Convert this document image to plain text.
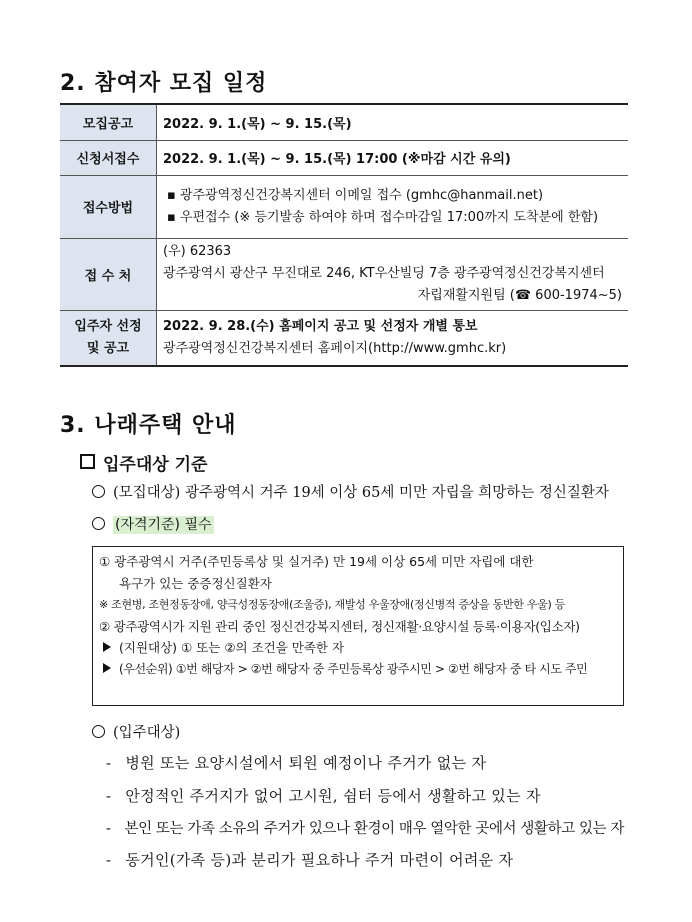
2. 참여자 모집 일정
모집공고	2022. 9. 1.(목) ~ 9. 15.(목)
신청서접수	2022. 9. 1.(목) ~ 9. 15.(목) 17:00 (※마감 시간 유의)
접수방법	▪ 광주광역정신건강복지센터 이메일 접수 (gmhc@hanmail.net)
▪ 우편접수 (※ 등기발송 하여야 하며 접수마감일 17:00까지 도착분에 한함)

접 수 처	(우) 62363
광주광역시 광산구 무진대로 246, KT우산빌딩 7층 광주광역정신건강복지센터
자립재활지원팀 (☎ 600-1974~5)

입주자 선정
및 공고	2022. 9. 28.(수) 홈페이지 공고 및 선정자 개별 통보
광주광역정신건강복지센터 홈페이지(http://www.gmhc.kr)
3. 나래주택 안내
입주대상 기준
(모집대상) 광주광역시 거주 19세 이상 65세 미만 자립을 희망하는 정신질환자
(자격기준) 필수
① 광주광역시 거주(주민등록상 및 실거주) 만 19세 이상 65세 미만 자립에 대한
욕구가 있는 중증정신질환자
※ 조현병, 조현정동장애, 양극성정동장애(조울증), 재발성 우울장애(정신병적 증상을 동반한 우울) 등
② 광주광역시가 지원 관리 중인 정신건강복지센터, 정신재활·요양시설 등록·이용자(입소자)
(지원대상) ① 또는 ②의 조건을 만족한 자
(우선순위) ①번 해당자 > ②번 해당자 중 주민등록상 광주시민 > ②번 해당자 중 타 시도 주민
(입주대상)
- 병원 또는 요양시설에서 퇴원 예정이나 주거가 없는 자
- 안정적인 주거지가 없어 고시원, 쉼터 등에서 생활하고 있는 자
- 본인 또는 가족 소유의 주거가 있으나 환경이 매우 열악한 곳에서 생활하고 있는 자
- 동거인(가족 등)과 분리가 필요하나 주거 마련이 어려운 자
